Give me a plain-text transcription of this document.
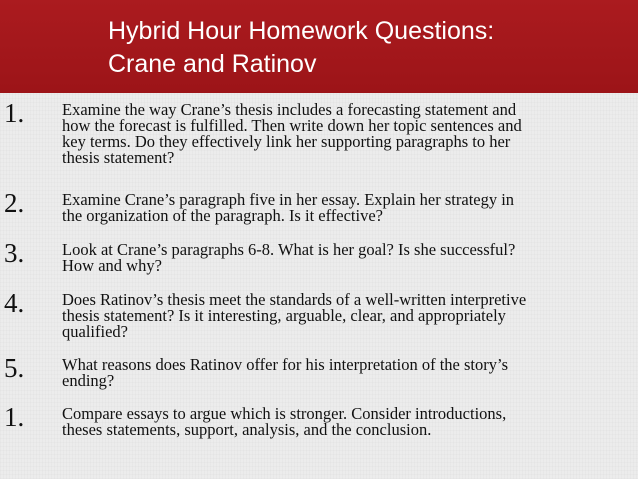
Hybrid Hour Homework Questions:
Crane and Ratinov
1. Examine the way Crane’s thesis includes a forecasting statement and
how the forecast is fulfilled. Then write down her topic sentences and
key terms. Do they effectively link her supporting paragraphs to her
thesis statement?
2. Examine Crane’s paragraph five in her essay. Explain her strategy in
the organization of the paragraph. Is it effective?
3. Look at Crane’s paragraphs 6-8. What is her goal? Is she successful?
How and why?
4. Does Ratinov’s thesis meet the standards of a well-written interpretive
thesis statement? Is it interesting, arguable, clear, and appropriately
qualified?
5. What reasons does Ratinov offer for his interpretation of the story’s
ending?
1. Compare essays to argue which is stronger. Consider introductions,
theses statements, support, analysis, and the conclusion.
